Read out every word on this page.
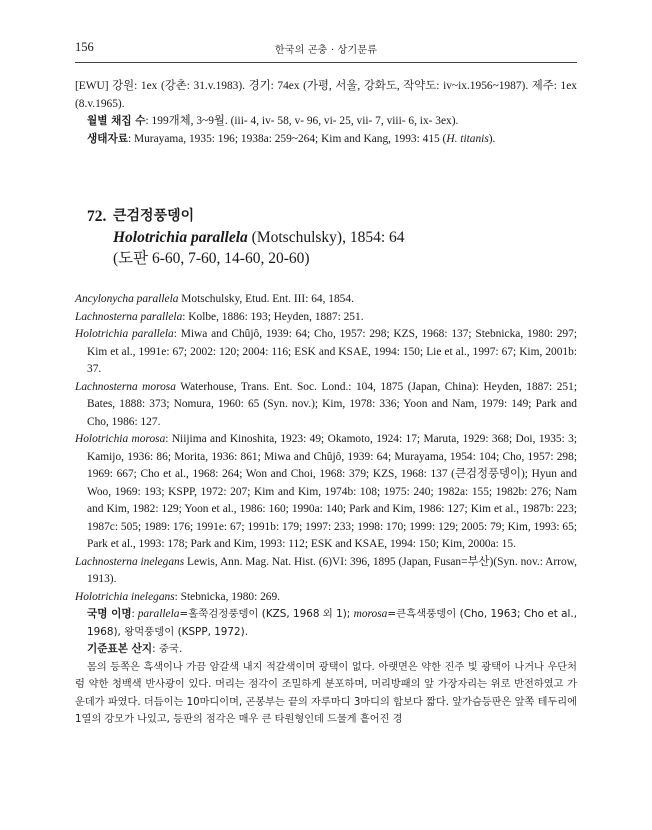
156	한국의 곤충 · 상기문류

[EWU] 강원: 1ex (강촌: 31.v.1983). 경기: 74ex (가평, 서울, 강화도, 작약도: iv~ix.1956~1987). 제주: 1ex (8.v.1965).

월별 채집 수: 199개체, 3~9월. (iii- 4, iv- 58, v- 96, vi- 25, vii- 7, viii- 6, ix- 3ex).

생태자료: Murayama, 1935: 196; 1938a: 259~264; Kim and Kang, 1993: 415 (H. titanis).

72. 큰검정풍뎅이
Holotrichia parallela (Motschulsky), 1854: 64
(도판 6-60, 7-60, 14-60, 20-60)

Ancylonycha parallela Motschulsky, Etud. Ent. III: 64, 1854.

Lachnosterna parallela: Kolbe, 1886: 193; Heyden, 1887: 251.

Holotrichia parallela: Miwa and Chûjô, 1939: 64; Cho, 1957: 298; KZS, 1968: 137; Stebnicka, 1980: 297; Kim et al., 1991e: 67; 2002: 120; 2004: 116; ESK and KSAE, 1994: 150; Lie et al., 1997: 67; Kim, 2001b: 37.

Lachnosterna morosa Waterhouse, Trans. Ent. Soc. Lond.: 104, 1875 (Japan, China): Heyden, 1887: 251; Bates, 1888: 373; Nomura, 1960: 65 (Syn. nov.); Kim, 1978: 336; Yoon and Nam, 1979: 149; Park and Cho, 1986: 127.

Holotrichia morosa: Niijima and Kinoshita, 1923: 49; Okamoto, 1924: 17; Maruta, 1929: 368; Doi, 1935: 3; Kamijo, 1936: 86; Morita, 1936: 861; Miwa and Chûjô, 1939: 64; Murayama, 1954: 104; Cho, 1957: 298; 1969: 667; Cho et al., 1968: 264; Won and Choi, 1968: 379; KZS, 1968: 137 (큰검정풍뎅이); Hyun and Woo, 1969: 193; KSPP, 1972: 207; Kim and Kim, 1974b: 108; 1975: 240; 1982a: 155; 1982b: 276; Nam and Kim, 1982: 129; Yoon et al., 1986: 160; 1990a: 140; Park and Kim, 1986: 127; Kim et al., 1987b: 223; 1987c: 505; 1989: 176; 1991e: 67; 1991b: 179; 1997: 233; 1998: 170; 1999: 129; 2005: 79; Kim, 1993: 65; Park et al., 1993: 178; Park and Kim, 1993: 112; ESK and KSAE, 1994: 150; Kim, 2000a: 15.

Lachnosterna inelegans Lewis, Ann. Mag. Nat. Hist. (6)VI: 396, 1895 (Japan, Fusan=부산)(Syn. nov.: Arrow, 1913).

Holotrichia inelegans: Stebnicka, 1980: 269.

국명 이명: parallela=홀쭉검정풍뎅이 (KZS, 1968 외 1); morosa=큰흑색풍뎅이 (Cho, 1963; Cho et al., 1968), 왕먹풍뎅이 (KSPP, 1972).

기준표본 산지: 중국.

몸의 등쪽은 흑색이나 가끔 암갈색 내지 적갈색이며 광택이 없다. 아랫면은 약한 진주 빛 광택이 나거나 우단처럼 약한 청백색 반사광이 있다. 머리는 점각이 조밀하게 분포하며, 머리방패의 앞 가장자리는 위로 반전하였고 가운데가 파였다. 더듬이는 10마디이며, 곤봉부는 끝의 자루마디 3마디의 합보다 짧다. 앞가슴등판은 앞쪽 테두리에 1열의 강모가 나있고, 등판의 점각은 매우 큰 타원형인데 드물게 흩어진 경
